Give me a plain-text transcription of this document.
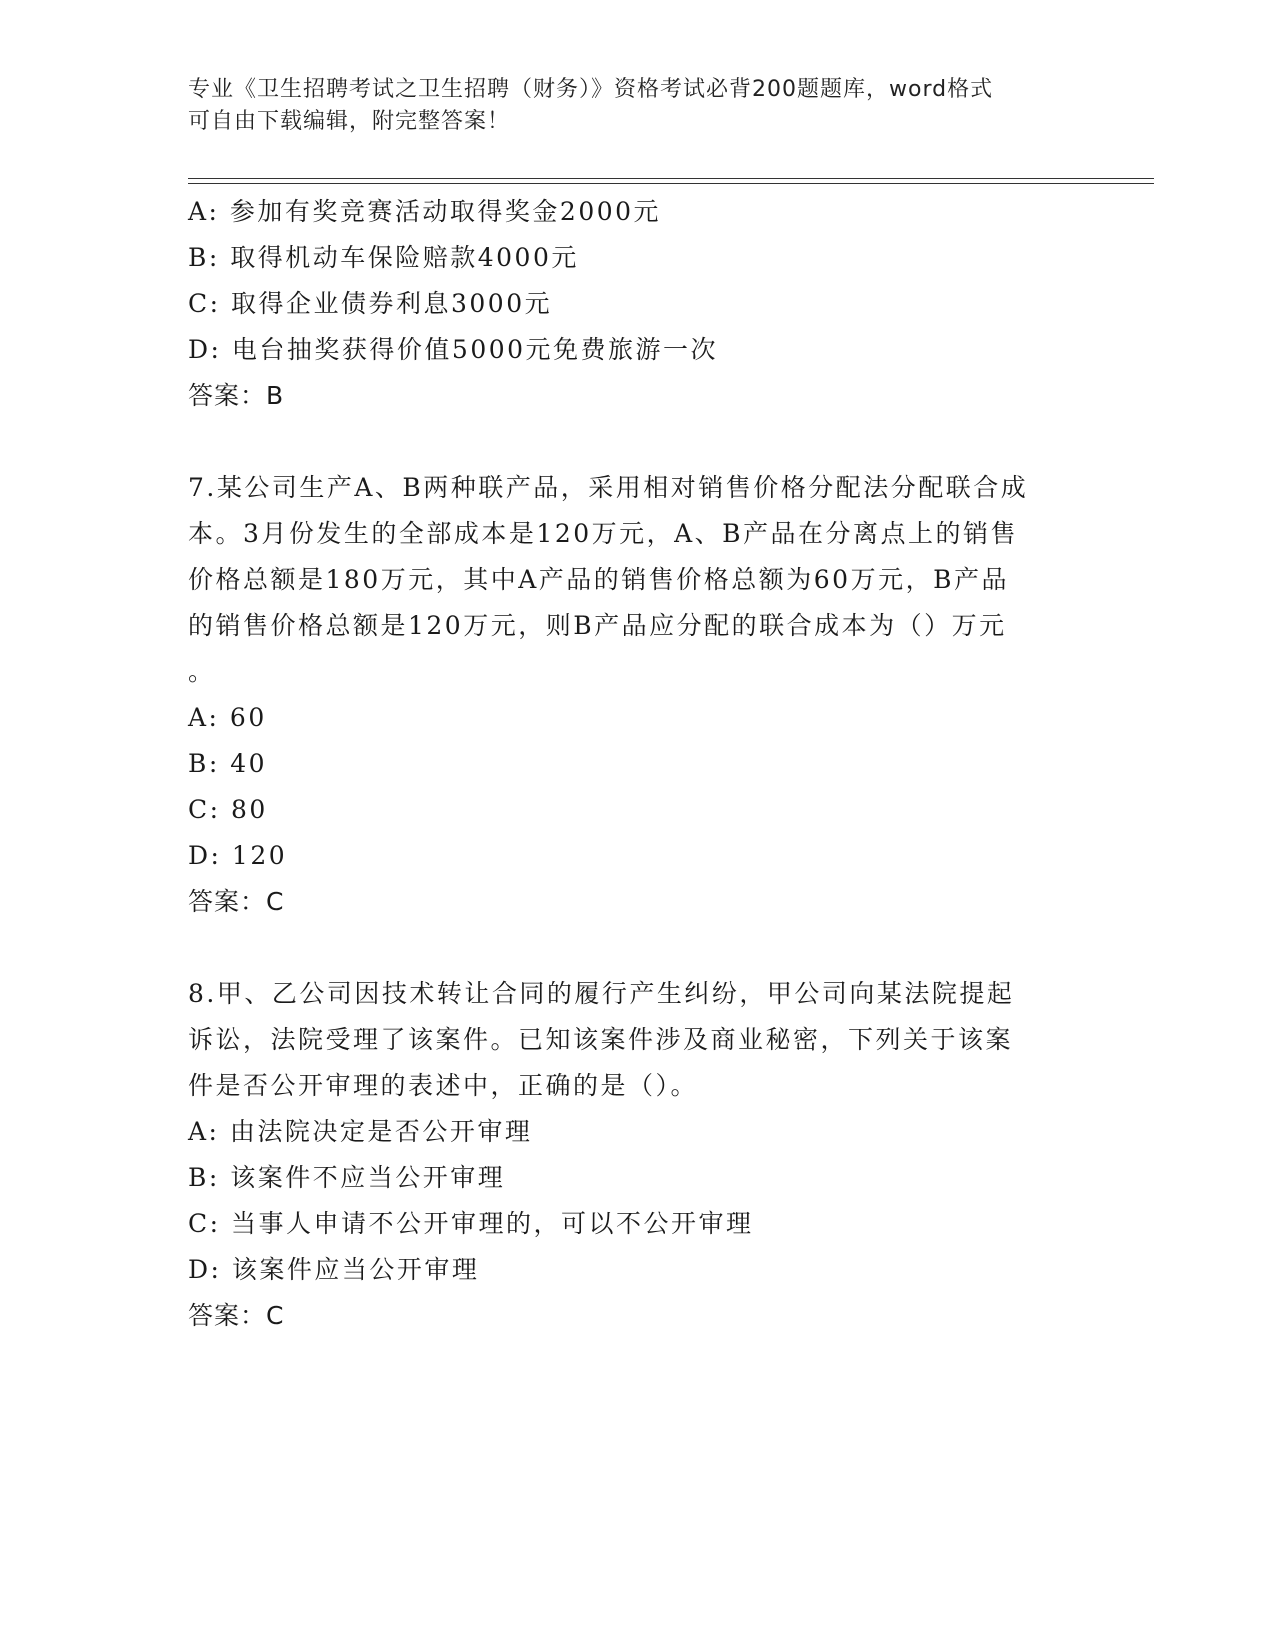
专业《卫生招聘考试之卫生招聘（财务）》资格考试必背200题题库，word格式
可自由下载编辑，附完整答案！
A: 参加有奖竞赛活动取得奖金2000元
B: 取得机动车保险赔款4000元
C: 取得企业债券利息3000元
D: 电台抽奖获得价值5000元免费旅游一次
答案：B
7.某公司生产A、B两种联产品，采用相对销售价格分配法分配联合成
本。3月份发生的全部成本是120万元，A、B产品在分离点上的销售
价格总额是180万元，其中A产品的销售价格总额为60万元，B产品
的销售价格总额是120万元，则B产品应分配的联合成本为（）万元
。
A: 60
B: 40
C: 80
D: 120
答案：C
8.甲、乙公司因技术转让合同的履行产生纠纷，甲公司向某法院提起
诉讼，法院受理了该案件。已知该案件涉及商业秘密，下列关于该案
件是否公开审理的表述中，正确的是（）。
A: 由法院决定是否公开审理
B: 该案件不应当公开审理
C: 当事人申请不公开审理的，可以不公开审理
D: 该案件应当公开审理
答案：C
